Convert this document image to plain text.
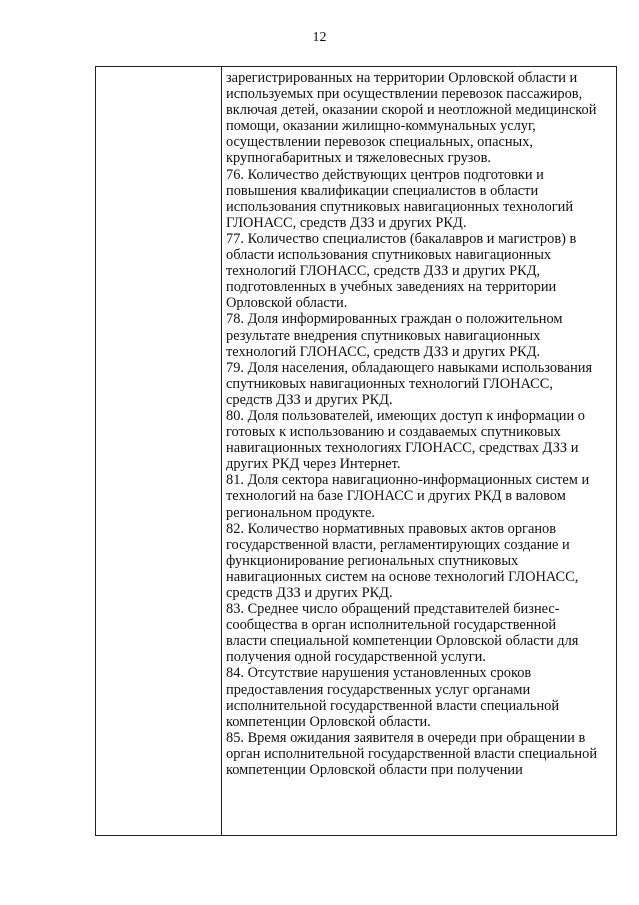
12
зарегистрированных на территории Орловской области и
используемых при осуществлении перевозок пассажиров,
включая детей, оказании скорой и неотложной медицинской
помощи, оказании жилищно-коммунальных услуг,
осуществлении перевозок специальных, опасных,
крупногабаритных и тяжеловесных грузов.
76. Количество действующих центров подготовки и
повышения квалификации специалистов в области
использования спутниковых навигационных технологий
ГЛОНАСС, средств ДЗЗ и других РКД.
77. Количество специалистов (бакалавров и магистров) в
области использования спутниковых навигационных
технологий ГЛОНАСС, средств ДЗЗ и других РКД,
подготовленных в учебных заведениях на территории
Орловской области.
78. Доля информированных граждан о положительном
результате внедрения спутниковых навигационных
технологий ГЛОНАСС, средств ДЗЗ и других РКД.
79. Доля населения, обладающего навыками использования
спутниковых навигационных технологий ГЛОНАСС,
средств ДЗЗ и других РКД.
80. Доля пользователей, имеющих доступ к информации о
готовых к использованию и создаваемых спутниковых
навигационных технологиях ГЛОНАСС, средствах ДЗЗ и
других РКД через Интернет.
81. Доля сектора навигационно-информационных систем и
технологий на базе ГЛОНАСС и других РКД в валовом
региональном продукте.
82. Количество нормативных правовых актов органов
государственной власти, регламентирующих создание и
функционирование региональных спутниковых
навигационных систем на основе технологий ГЛОНАСС,
средств ДЗЗ и других РКД.
83. Среднее число обращений представителей бизнес-
сообщества в орган исполнительной государственной
власти специальной компетенции Орловской области для
получения одной государственной услуги.
84. Отсутствие нарушения установленных сроков
предоставления государственных услуг органами
исполнительной государственной власти специальной
компетенции Орловской области.
85. Время ожидания заявителя в очереди при обращении в
орган исполнительной государственной власти специальной
компетенции Орловской области при получении
